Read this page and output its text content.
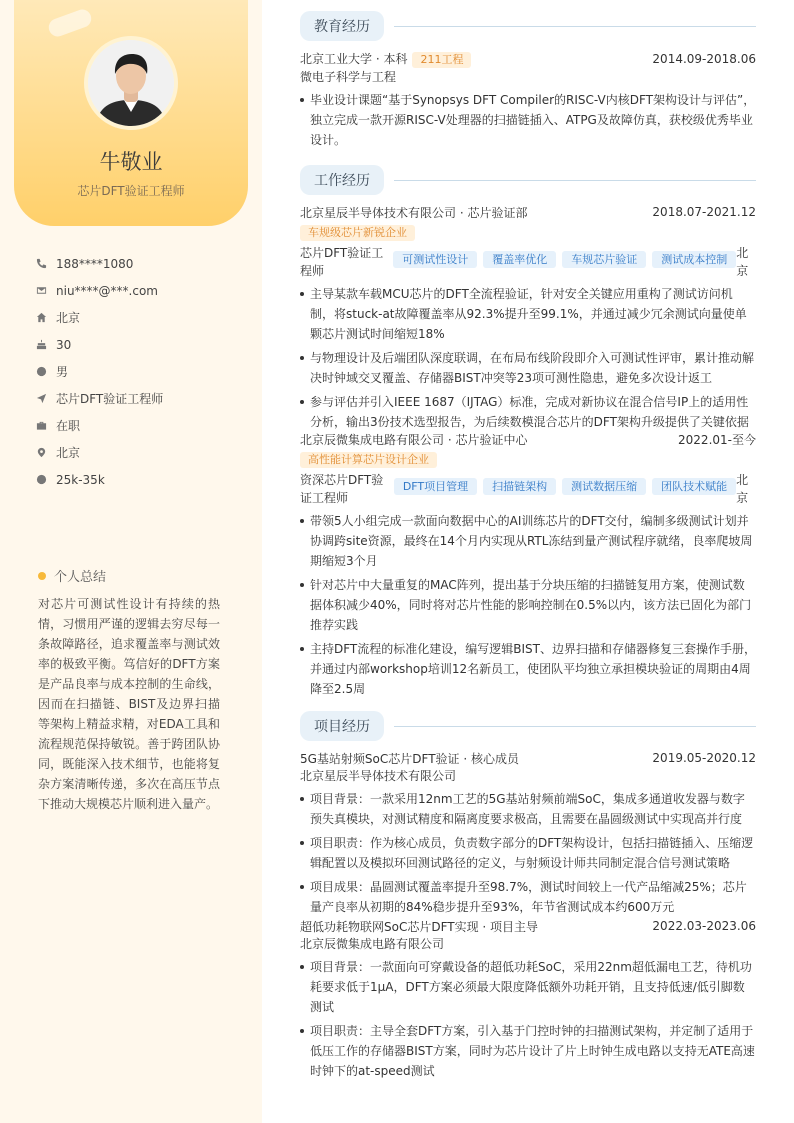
牛敬业
芯片DFT验证工程师
188****1080
niu****@***.com
北京
30
男
芯片DFT验证工程师
在职
北京
25k-35k
个人总结
对芯片可测试性设计有持续的热情，习惯用严谨的逻辑去穷尽每一条故障路径，追求覆盖率与测试效率的极致平衡。笃信好的DFT方案是产品良率与成本控制的生命线，因而在扫描链、BIST及边界扫描等架构上精益求精，对EDA工具和流程规范保持敏锐。善于跨团队协同，既能深入技术细节，也能将复杂方案清晰传递，多次在高压节点下推动大规模芯片顺利进入量产。
教育经历
北京工业大学 · 本科 211工程	2014.09-2018.06
微电子科学与工程
毕业设计课题“基于Synopsys DFT Compiler的RISC-V内核DFT架构设计与评估”，独立完成一款开源RISC-V处理器的扫描链插入、ATPG及故障仿真，获校级优秀毕业设计。
工作经历
北京星辰半导体技术有限公司 · 芯片验证部	2018.07-2021.12
车规级芯片新锐企业
芯片DFT验证工程师
可测试性设计	覆盖率优化	车规芯片验证	测试成本控制 北京
主导某款车载MCU芯片的DFT全流程验证，针对安全关键应用重构了测试访问机制，将stuck-at故障覆盖率从92.3%提升至99.1%，并通过减少冗余测试向量使单颗芯片测试时间缩短18%
与物理设计及后端团队深度联调，在布局布线阶段即介入可测试性评审，累计推动解决时钟域交叉覆盖、存储器BIST冲突等23项可测性隐患，避免多次设计返工
参与评估并引入IEEE 1687（IJTAG）标准，完成对新协议在混合信号IP上的适用性分析，输出3份技术选型报告，为后续数模混合芯片的DFT架构升级提供了关键依据
北京辰微集成电路有限公司 · 芯片验证中心	2022.01-至今
高性能计算芯片设计企业
资深芯片DFT验证工程师
DFT项目管理	扫描链架构	测试数据压缩	团队技术赋能 北京
带领5人小组完成一款面向数据中心的AI训练芯片的DFT交付，编制多级测试计划并协调跨site资源，最终在14个月内实现从RTL冻结到量产测试程序就绪，良率爬坡周期缩短3个月
针对芯片中大量重复的MAC阵列，提出基于分块压缩的扫描链复用方案，使测试数据体积减少40%，同时将对芯片性能的影响控制在0.5%以内，该方法已固化为部门推荐实践
主持DFT流程的标准化建设，编写逻辑BIST、边界扫描和存储器修复三套操作手册，并通过内部workshop培训12名新员工，使团队平均独立承担模块验证的周期由4周降至2.5周
项目经历
5G基站射频SoC芯片DFT验证 · 核心成员	2019.05-2020.12
北京星辰半导体技术有限公司
项目背景：一款采用12nm工艺的5G基站射频前端SoC，集成多通道收发器与数字预失真模块，对测试精度和隔离度要求极高，且需要在晶圆级测试中实现高并行度
项目职责：作为核心成员，负责数字部分的DFT架构设计，包括扫描链插入、压缩逻辑配置以及模拟环回测试路径的定义，与射频设计师共同制定混合信号测试策略
项目成果：晶圆测试覆盖率提升至98.7%，测试时间较上一代产品缩减25%；芯片量产良率从初期的84%稳步提升至93%，年节省测试成本约600万元
超低功耗物联网SoC芯片DFT实现 · 项目主导	2022.03-2023.06
北京辰微集成电路有限公司
项目背景：一款面向可穿戴设备的超低功耗SoC，采用22nm超低漏电工艺，待机功耗要求低于1μA，DFT方案必须最大限度降低额外功耗开销，且支持低速/低引脚数测试
项目职责：主导全套DFT方案，引入基于门控时钟的扫描测试架构，并定制了适用于低压工作的存储器BIST方案，同时为芯片设计了片上时钟生成电路以支持无ATE高速时钟下的at-speed测试
